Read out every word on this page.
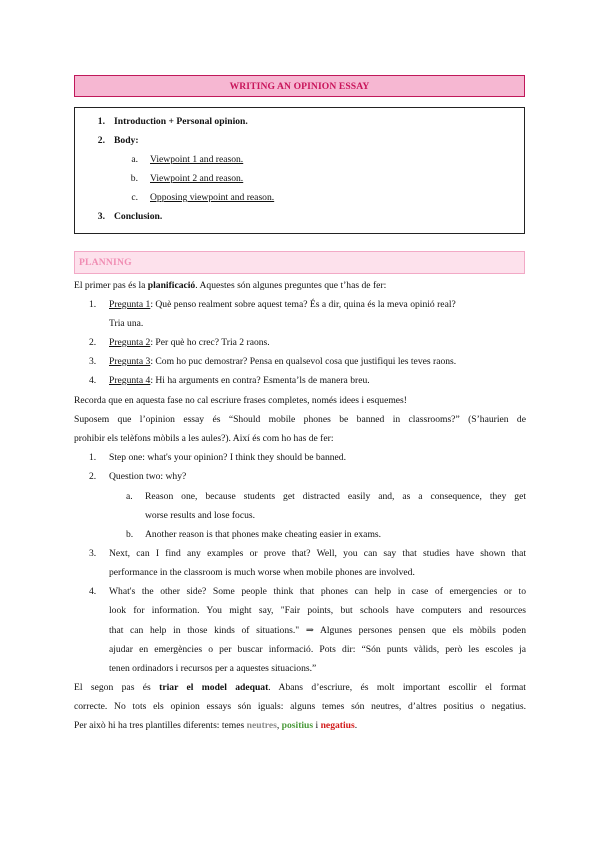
WRITING AN OPINION ESSAY
1. Introduction + Personal opinion.
2. Body:
a. Viewpoint 1 and reason.
b. Viewpoint 2 and reason.
c. Opposing viewpoint and reason.
3. Conclusion.
PLANNING
El primer pas és la planificació. Aquestes són algunes preguntes que t’has de fer:
1. Pregunta 1: Què penso realment sobre aquest tema? És a dir, quina és la meva opinió real?
Tria una.
2. Pregunta 2: Per què ho crec? Tria 2 raons.
3. Pregunta 3: Com ho puc demostrar? Pensa en qualsevol cosa que justifiqui les teves raons.
4. Pregunta 4: Hi ha arguments en contra? Esmenta’ls de manera breu.
Recorda que en aquesta fase no cal escriure frases completes, només idees i esquemes!
Suposem que l’opinion essay és “Should mobile phones be banned in classrooms?” (S’haurien de
prohibir els telèfons mòbils a les aules?). Així és com ho has de fer:
1. Step one: what's your opinion? I think they should be banned.
2. Question two: why?
a. Reason one, because students get distracted easily and, as a consequence, they get
worse results and lose focus.
b. Another reason is that phones make cheating easier in exams.
3. Next, can I find any examples or prove that? Well, you can say that studies have shown that
performance in the classroom is much worse when mobile phones are involved.
4. What's the other side? Some people think that phones can help in case of emergencies or to
look for information. You might say, "Fair points, but schools have computers and resources
that can help in those kinds of situations." ⇒ Algunes persones pensen que els mòbils poden
ajudar en emergències o per buscar informació. Pots dir: “Són punts vàlids, però les escoles ja
tenen ordinadors i recursos per a aquestes situacions.”
El segon pas és triar el model adequat. Abans d’escriure, és molt important escollir el format
correcte. No tots els opinion essays són iguals: alguns temes són neutres, d’altres positius o negatius.
Per això hi ha tres plantilles diferents: temes neutres, positius i negatius.
